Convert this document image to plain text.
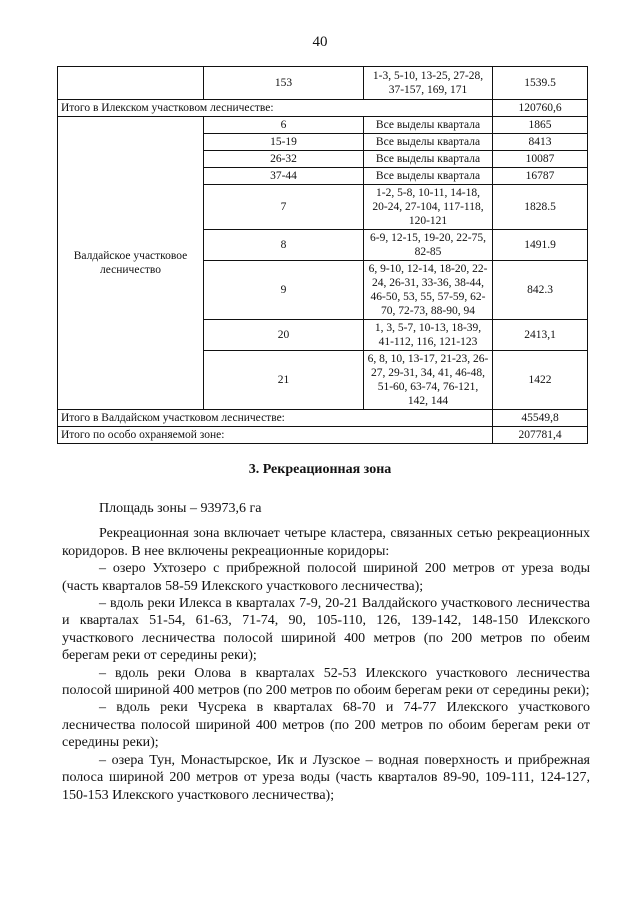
40
	153	1-3, 5-10, 13-25, 27-28, 37-157, 169, 171	1539.5
Итого в Илекском участковом лесничестве:			120760,6
Валдайское участковое лесничество	6	Все выделы квартала	1865
	15-19	Все выделы квартала	8413
	26-32	Все выделы квартала	10087
	37-44	Все выделы квартала	16787
	7	1-2, 5-8, 10-11, 14-18, 20-24, 27-104, 117-118, 120-121	1828.5
	8	6-9, 12-15, 19-20, 22-75, 82-85	1491.9
	9	6, 9-10, 12-14, 18-20, 22-24, 26-31, 33-36, 38-44, 46-50, 53, 55, 57-59, 62-70, 72-73, 88-90, 94	842.3
	20	1, 3, 5-7, 10-13, 18-39, 41-112, 116, 121-123	2413,1
	21	6, 8, 10, 13-17, 21-23, 26-27, 29-31, 34, 41, 46-48, 51-60, 63-74, 76-121, 142, 144	1422
Итого в Валдайском участковом лесничестве:			45549,8
Итого по особо охраняемой зоне:			207781,4
3. Рекреационная зона

Площадь зоны – 93973,6 га

Рекреационная зона включает четыре кластера, связанных сетью рекреационных коридоров. В нее включены рекреационные коридоры:

– озеро Ухтозеро с прибрежной полосой шириной 200 метров от уреза воды (часть кварталов 58-59 Илекского участкового лесничества);

– вдоль реки Илекса в кварталах 7-9, 20-21 Валдайского участкового лесничества и кварталах 51-54, 61-63, 71-74, 90, 105-110, 126, 139-142, 148-150 Илекского участкового лесничества полосой шириной 400 метров (по 200 метров по обеим берегам реки от середины реки);

– вдоль реки Олова в кварталах 52-53 Илекского участкового лесничества полосой шириной 400 метров (по 200 метров по обоим берегам реки от середины реки);

– вдоль реки Чусрека в кварталах 68-70 и 74-77 Илекского участкового лесничества полосой шириной 400 метров (по 200 метров по обоим берегам реки от середины реки);

– озера Тун, Монастырское, Ик и Лузское – водная поверхность и прибрежная полоса шириной 200 метров от уреза воды (часть кварталов 89-90, 109-111, 124-127, 150-153 Илекского участкового лесничества);
